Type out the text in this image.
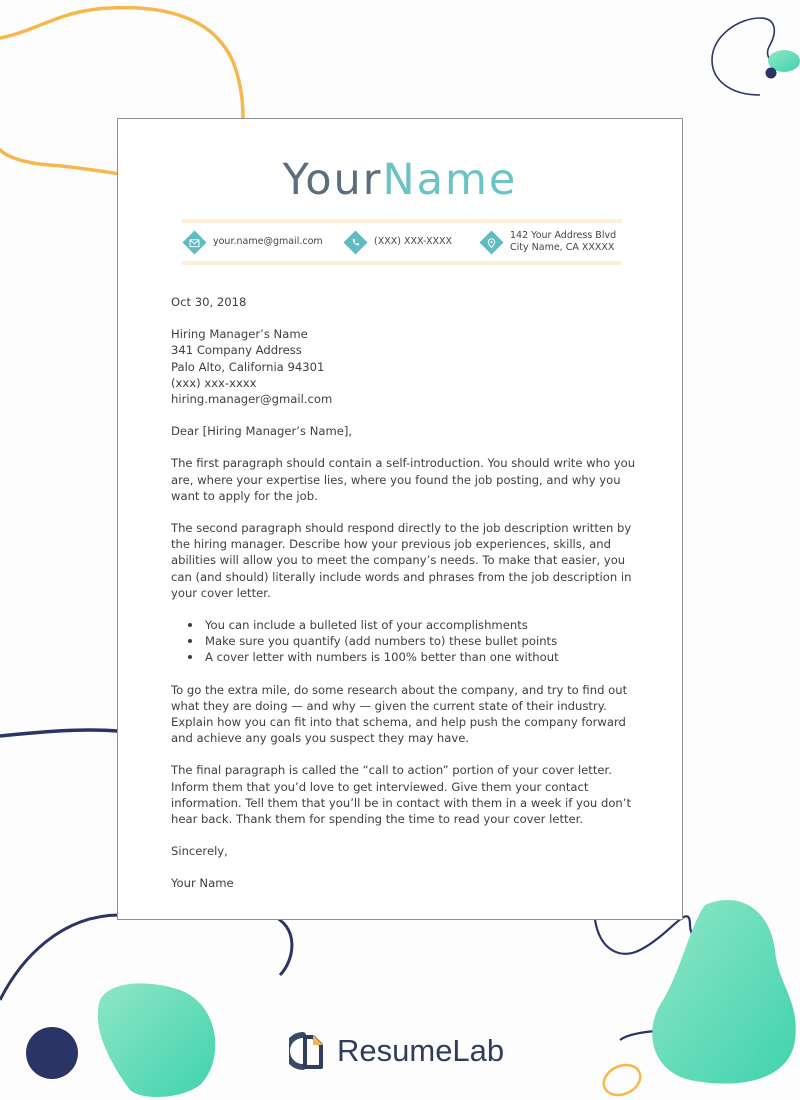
YourName
your.name@gmail.com	(XXX) XXX-XXXX
142 Your Address Blvd
City Name, CA XXXXX

Oct 30, 2018

Hiring Manager’s Name

341 Company Address

Palo Alto, California 94301

(xxx) xxx-xxxx

hiring.manager@gmail.com

Dear [Hiring Manager’s Name],

The first paragraph should contain a self-introduction. You should write who you are, where your expertise lies, where you found the job posting, and why you want to apply for the job.

The second paragraph should respond directly to the job description written by the hiring manager. Describe how your previous job experiences, skills, and abilities will allow you to meet the company’s needs. To make that easier, you can (and should) literally include words and phrases from the job description in your cover letter.

You can include a bulleted list of your accomplishments
Make sure you quantify (add numbers to) these bullet points
A cover letter with numbers is 100% better than one without

To go the extra mile, do some research about the company, and try to find out what they are doing — and why — given the current state of their industry. Explain how you can fit into that schema, and help push the company forward and achieve any goals you suspect they may have.

The final paragraph is called the “call to action” portion of your cover letter. Inform them that you’d love to get interviewed. Give them your contact information. Tell them that you’ll be in contact with them in a week if you don’t hear back. Thank them for spending the time to read your cover letter.

Sincerely,

Your Name

ResumeLab
